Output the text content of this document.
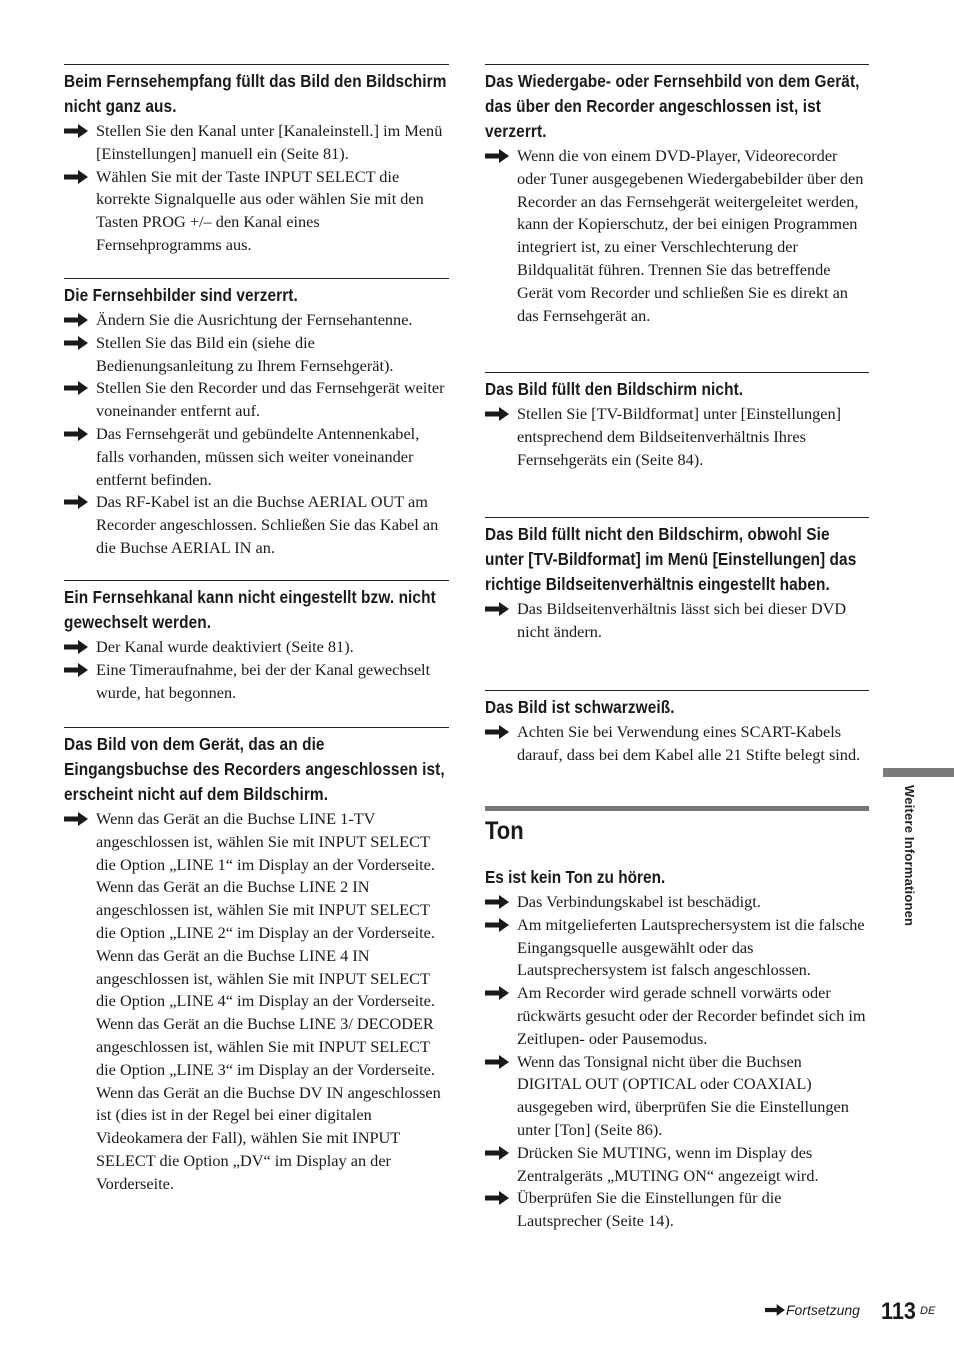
Beim Fernsehempfang füllt das Bild den Bildschirm nicht ganz aus.
Stellen Sie den Kanal unter [Kanaleinstell.] im Menü [Einstellungen] manuell ein (Seite 81).
Wählen Sie mit der Taste INPUT SELECT die korrekte Signalquelle aus oder wählen Sie mit den Tasten PROG +/– den Kanal eines Fernsehprogramms aus.
Die Fernsehbilder sind verzerrt.
Ändern Sie die Ausrichtung der Fernsehantenne.
Stellen Sie das Bild ein (siehe die Bedienungsanleitung zu Ihrem Fernsehgerät).
Stellen Sie den Recorder und das Fernsehgerät weiter voneinander entfernt auf.
Das Fernsehgerät und gebündelte Antennenkabel, falls vorhanden, müssen sich weiter voneinander entfernt befinden.
Das RF-Kabel ist an die Buchse AERIAL OUT am Recorder angeschlossen. Schließen Sie das Kabel an die Buchse AERIAL IN an.
Ein Fernsehkanal kann nicht eingestellt bzw. nicht gewechselt werden.
Der Kanal wurde deaktiviert (Seite 81).
Eine Timeraufnahme, bei der der Kanal gewechselt wurde, hat begonnen.
Das Bild von dem Gerät, das an die Eingangsbuchse des Recorders angeschlossen ist, erscheint nicht auf dem Bildschirm.
Wenn das Gerät an die Buchse LINE 1-TV angeschlossen ist, wählen Sie mit INPUT SELECT die Option „LINE 1“ im Display an der Vorderseite.
Wenn das Gerät an die Buchse LINE 2 IN angeschlossen ist, wählen Sie mit INPUT SELECT die Option „LINE 2“ im Display an der Vorderseite.
Wenn das Gerät an die Buchse LINE 4 IN angeschlossen ist, wählen Sie mit INPUT SELECT die Option „LINE 4“ im Display an der Vorderseite.
Wenn das Gerät an die Buchse LINE 3/ DECODER angeschlossen ist, wählen Sie mit INPUT SELECT die Option „LINE 3“ im Display an der Vorderseite.
Wenn das Gerät an die Buchse DV IN angeschlossen ist (dies ist in der Regel bei einer digitalen Videokamera der Fall), wählen Sie mit INPUT SELECT die Option „DV“ im Display an der Vorderseite.
Das Wiedergabe- oder Fernsehbild von dem Gerät, das über den Recorder angeschlossen ist, ist verzerrt.
Wenn die von einem DVD-Player, Videorecorder oder Tuner ausgegebenen Wiedergabebilder über den Recorder an das Fernsehgerät weitergeleitet werden, kann der Kopierschutz, der bei einigen Programmen integriert ist, zu einer Verschlechterung der Bildqualität führen. Trennen Sie das betreffende Gerät vom Recorder und schließen Sie es direkt an das Fernsehgerät an.
Das Bild füllt den Bildschirm nicht.
Stellen Sie [TV-Bildformat] unter [Einstellungen] entsprechend dem Bildseitenverhältnis Ihres Fernsehgeräts ein (Seite 84).
Das Bild füllt nicht den Bildschirm, obwohl Sie unter [TV-Bildformat] im Menü [Einstellungen] das richtige Bildseitenverhältnis eingestellt haben.
Das Bildseitenverhältnis lässt sich bei dieser DVD nicht ändern.
Das Bild ist schwarzweiß.
Achten Sie bei Verwendung eines SCART-Kabels darauf, dass bei dem Kabel alle 21 Stifte belegt sind.
Ton
Es ist kein Ton zu hören.
Das Verbindungskabel ist beschädigt.
Am mitgelieferten Lautsprechersystem ist die falsche Eingangsquelle ausgewählt oder das Lautsprechersystem ist falsch angeschlossen.
Am Recorder wird gerade schnell vorwärts oder rückwärts gesucht oder der Recorder befindet sich im Zeitlupen- oder Pausemodus.
Wenn das Tonsignal nicht über die Buchsen DIGITAL OUT (OPTICAL oder COAXIAL) ausgegeben wird, überprüfen Sie die Einstellungen unter [Ton] (Seite 86).
Drücken Sie MUTING, wenn im Display des Zentralgeräts „MUTING ON“ angezeigt wird.
Überprüfen Sie die Einstellungen für die Lautsprecher (Seite 14).
Weitere Informationen
Fortsetzung 113 DE
